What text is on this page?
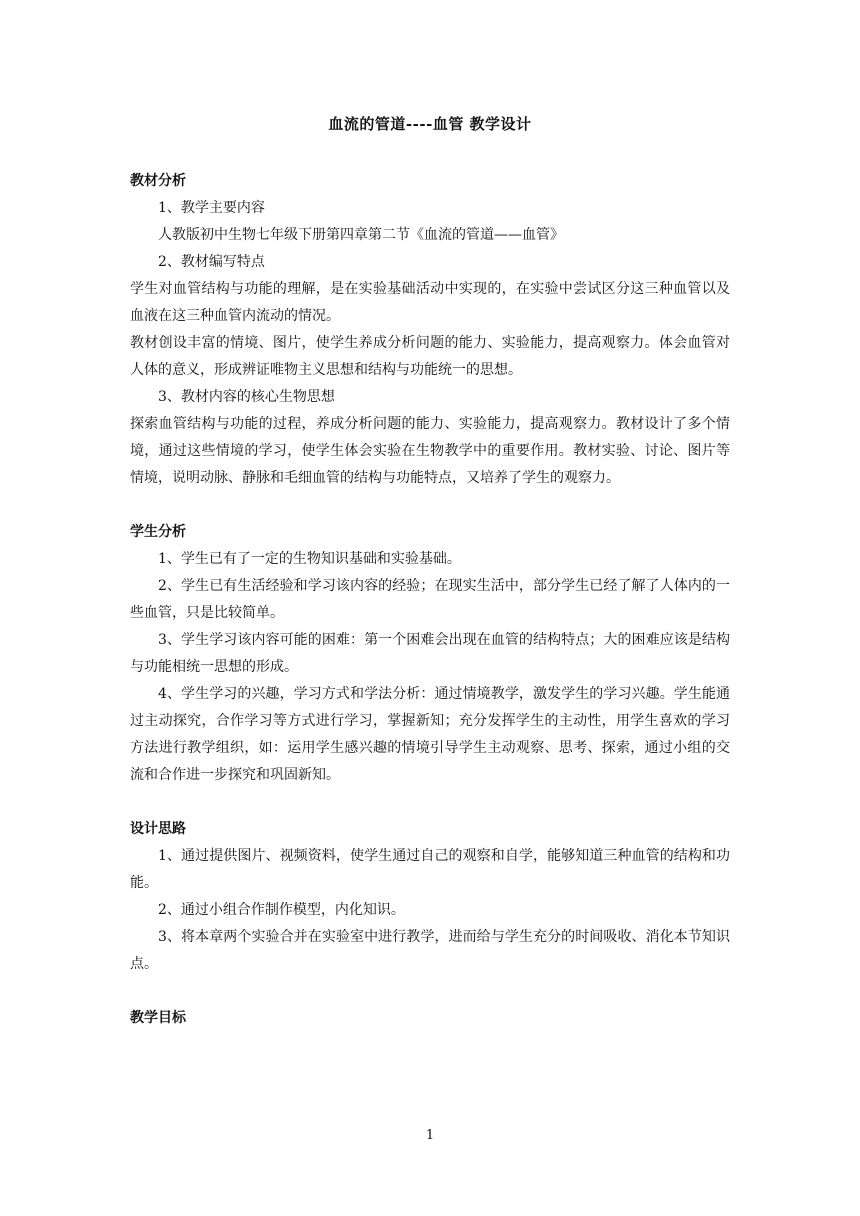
血流的管道----血管 教学设计

教材分析

1、教学主要内容

人教版初中生物七年级下册第四章第二节《血流的管道——血管》

2、教材编写特点

学生对血管结构与功能的理解，是在实验基础活动中实现的，在实验中尝试区分这三种血管以及血液在这三种血管内流动的情况。

教材创设丰富的情境、图片，使学生养成分析问题的能力、实验能力，提高观察力。体会血管对人体的意义，形成辨证唯物主义思想和结构与功能统一的思想。

3、教材内容的核心生物思想

探索血管结构与功能的过程，养成分析问题的能力、实验能力，提高观察力。教材设计了多个情境，通过这些情境的学习，使学生体会实验在生物教学中的重要作用。教材实验、讨论、图片等情境，说明动脉、静脉和毛细血管的结构与功能特点，又培养了学生的观察力。

学生分析

1、学生已有了一定的生物知识基础和实验基础。

2、学生已有生活经验和学习该内容的经验；在现实生活中，部分学生已经了解了人体内的一些血管，只是比较简单。

3、学生学习该内容可能的困难：第一个困难会出现在血管的结构特点；大的困难应该是结构与功能相统一思想的形成。

4、学生学习的兴趣，学习方式和学法分析：通过情境教学，激发学生的学习兴趣。学生能通过主动探究，合作学习等方式进行学习，掌握新知；充分发挥学生的主动性，用学生喜欢的学习方法进行教学组织，如：运用学生感兴趣的情境引导学生主动观察、思考、探索，通过小组的交流和合作进一步探究和巩固新知。

设计思路

1、通过提供图片、视频资料，使学生通过自己的观察和自学，能够知道三种血管的结构和功能。

2、通过小组合作制作模型，内化知识。

3、将本章两个实验合并在实验室中进行教学，进而给与学生充分的时间吸收、消化本节知识点。

教学目标

1
